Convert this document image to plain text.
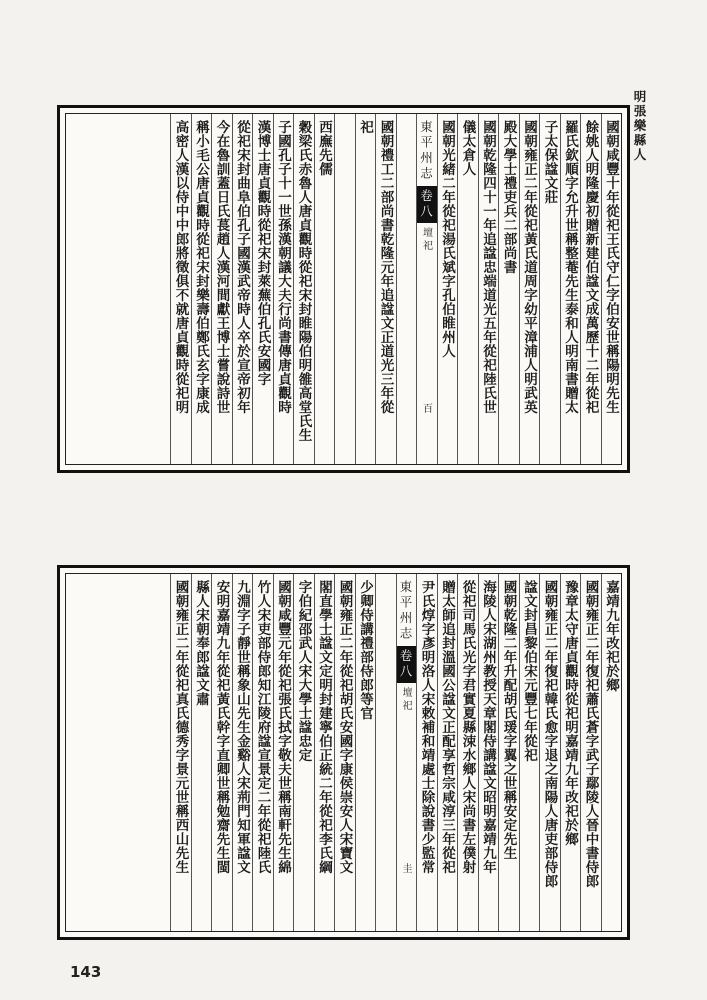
明張樂縣人
國朝咸豐十年從祀王氏守仁字伯安世稱陽明先生
餘姚人明隆慶初贈新建伯諡文成萬歷十二年從祀
羅氏欽順字允升世稱整菴先生泰和人明南書贈太
子太保諡文莊
國朝雍正二年從祀黃氏道周字幼平漳浦人明武英
殿大學士禮吏兵二部尚書
國朝乾隆四十一年追諡忠端道光五年從祀陸氏世
儀太倉人
國朝光緒二年從祀湯氏斌字孔伯睢州人
東平州志卷八壇祀百
國朝禮工二部尚書乾隆元年追諡文正道光三年從
祀
西廡先儒
穀梁氏赤魯人唐貞觀時從祀宋封睢陽伯明雒高堂氏生
子國孔子十一世孫漢朝議大夫行尚書傳唐貞觀時
漢博士唐貞觀時從祀宋封萊蕪伯孔氏安國字
從祀宋封曲阜伯孔子國漢武帝時人卒於宣帝初年
今在魯訓蓋日氏萇趙人漢河間獻王博士嘗說詩世
稱小毛公唐貞觀時從祀宋封樂壽伯鄭氏玄字康成
高密人漢以侍中中郎將徵俱不就唐貞觀時從祀明
嘉靖九年改祀於鄉
國朝雍正二年復祀蕭氏蒼字武子鄢陵人晉中書侍郎
豫章太守唐貞觀時從祀明嘉靖九年改祀於鄉
國朝雍正二年復祀韓氏愈字退之南陽人唐吏部侍郎
諡文封昌黎伯宋元豐七年從祀
國朝乾隆二年升配胡氏瑗字翼之世稱安定先生
海陵人宋湖州教授天章閣侍講諡文昭明嘉靖九年
從祀司馬氏光字君實夏縣涑水鄉人宋尚書左僕射
贈太師追封溫國公諡文正配享哲宗咸淳三年從祀
尹氏焞字彥明洛人宋敕補和靖處士除說書少監常
東平州志卷八壇祀圭
少卿侍講禮部侍郎等官
國朝雍正二年從祀胡氏安國字康侯崇安人宋寶文
閣直學士諡文定明封建寧伯正統二年從祀李氏綱
字伯紀邵武人宋大學士諡忠定
國朝咸豐元年從祀張氏拭字敬夫世稱南軒先生綿
竹人宋吏部侍郎知江陵府諡宣景定二年從祀陸氏
九淵字子靜世稱象山先生金谿人宋荊門知軍諡文
安明嘉靖九年從祀黃氏幹字直卿世稱勉齋先生閩
縣人宋朝奉郎諡文肅
國朝雍正二年從祀真氏德秀字景元世稱西山先生
143
